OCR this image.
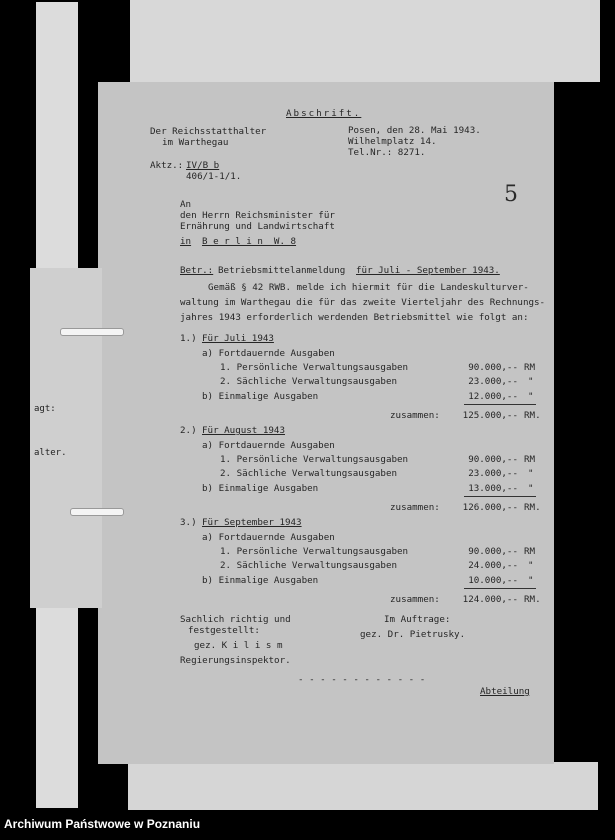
Abschrift.
Der Reichsstatthalter
im Warthegau
Posen, den 28. Mai 1943.
Wilhelmplatz 14.
Tel.Nr.: 8271.
Aktz.: IV/B b
406/1-1/1.
An
den Herrn Reichsminister für
Ernährung und Landwirtschaft
in B e r l i n  W. 8
Betr.: Betriebsmittelanmeldung für Juli - September 1943.
Gemäß § 42 RWB. melde ich hiermit für die Landeskulturver-
waltung im Warthegau die für das zweite Vierteljahr des Rechnungs-
jahres 1943 erforderlich werdenden Betriebsmittel wie folgt an:
1.) Für Juli 1943
a) Fortdauernde Ausgaben
1. Persönliche Verwaltungsausgaben	90.000,-- RM
2. Sächliche Verwaltungsausgaben	23.000,-- "
b) Einmalige Ausgaben	12.000,-- "
zusammen:	125.000,-- RM.
2.) Für August 1943
a) Fortdauernde Ausgaben
1. Persönliche Verwaltungsausgaben	90.000,-- RM
2. Sächliche Verwaltungsausgaben	23.000,-- "
b) Einmalige Ausgaben	13.000,-- "
zusammen:	126.000,-- RM.
3.) Für September 1943
a) Fortdauernde Ausgaben
1. Persönliche Verwaltungsausgaben	90.000,-- RM
2. Sächliche Verwaltungsausgaben	24.000,-- "
b) Einmalige Ausgaben	10.000,-- "
zusammen:	124.000,-- RM.
Sachlich richtig und
festgestellt:
gez. K i l i s m
Regierungsinspektor.
Im Auftrage:
gez. Dr. Pietrusky.
- - - - - - - - - - - -
Abteilung
5
agt:
alter.
Archiwum Państwowe w Poznaniu
